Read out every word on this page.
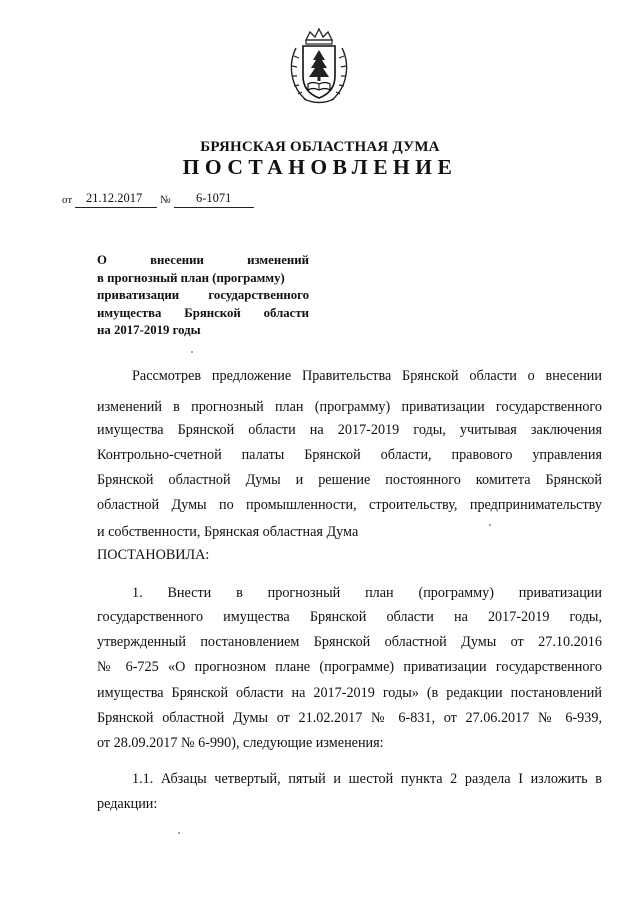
БРЯНСКАЯ ОБЛАСТНАЯ ДУМА
ПОСТАНОВЛЕНИЕ
от 21.12.2017 № 6-1071
О внесении изменений
в прогнозный план (программу)
приватизации государственного
имущества Брянской области
на 2017-2019 годы
Рассмотрев предложение Правительства Брянской области о внесении
изменений в прогнозный план (программу) приватизации государственного
имущества Брянской области на 2017-2019 годы, учитывая заключения
Контрольно-счетной палаты Брянской области, правового управления
Брянской областной Думы и решение постоянного комитета Брянской
областной Думы по промышленности, строительству, предпринимательству
и собственности, Брянская областная Дума
ПОСТАНОВИЛА:
1. Внести в прогнозный план (программу) приватизации
государственного имущества Брянской области на 2017-2019 годы,
утвержденный постановлением Брянской областной Думы от 27.10.2016
№ 6-725 «О прогнозном плане (программе) приватизации государственного
имущества Брянской области на 2017-2019 годы» (в редакции постановлений
Брянской областной Думы от 21.02.2017 № 6-831, от 27.06.2017 № 6-939,
от 28.09.2017 № 6-990), следующие изменения:
1.1. Абзацы четвертый, пятый и шестой пункта 2 раздела I изложить в
редакции:
